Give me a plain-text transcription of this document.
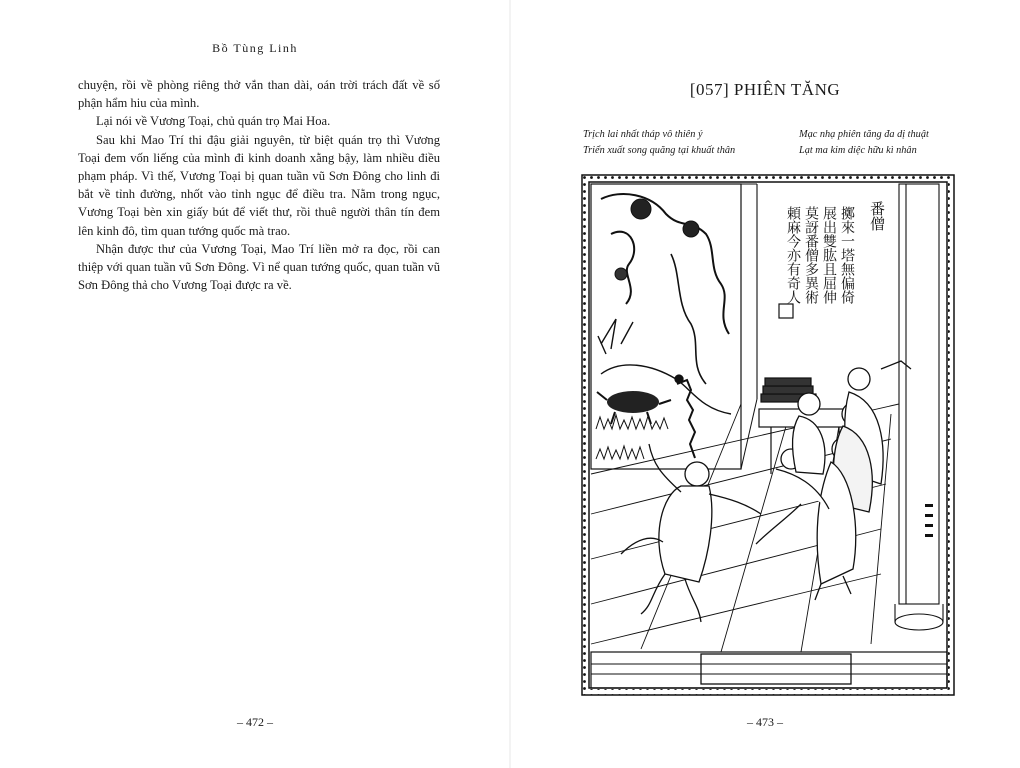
Bồ Tùng Linh

chuyện, rồi về phòng riêng thở vắn than dài, oán trời trách đất về số phận hẩm hiu của mình.

Lại nói về Vương Toại, chủ quán trọ Mai Hoa.

Sau khi Mao Trí thi đậu giải nguyên, từ biệt quán trọ thì Vương Toại đem vốn liếng của mình đi kinh doanh xằng bậy, làm nhiều điều phạm pháp. Vì thế, Vương Toại bị quan tuần vũ Sơn Đông cho linh đi bắt về tỉnh đường, nhốt vào tỉnh ngục để điều tra. Nằm trong ngục, Vương Toại bèn xin giấy bút để viết thư, rồi thuê người thân tín đem lên kinh đô, tìm quan tướng quốc mà trao.

Nhận được thư của Vương Toại, Mao Trí liền mở ra đọc, rồi can thiệp với quan tuần vũ Sơn Đông. Vì nể quan tướng quốc, quan tuần vũ Sơn Đông thả cho Vương Toại được ra về.

– 472 –
[057] PHIÊN TĂNG
Trịch lai nhất tháp vô thiên ý
Triển xuất song quăng tại khuất thân
Mạc nhạ phiên tăng đa dị thuật
Lạt ma kim diệc hữu kì nhân
番僧
擲來一塔無偏倚
展出雙肱且屈伸
莫訝番僧多異術
頼麻今亦有奇人
– 473 –
